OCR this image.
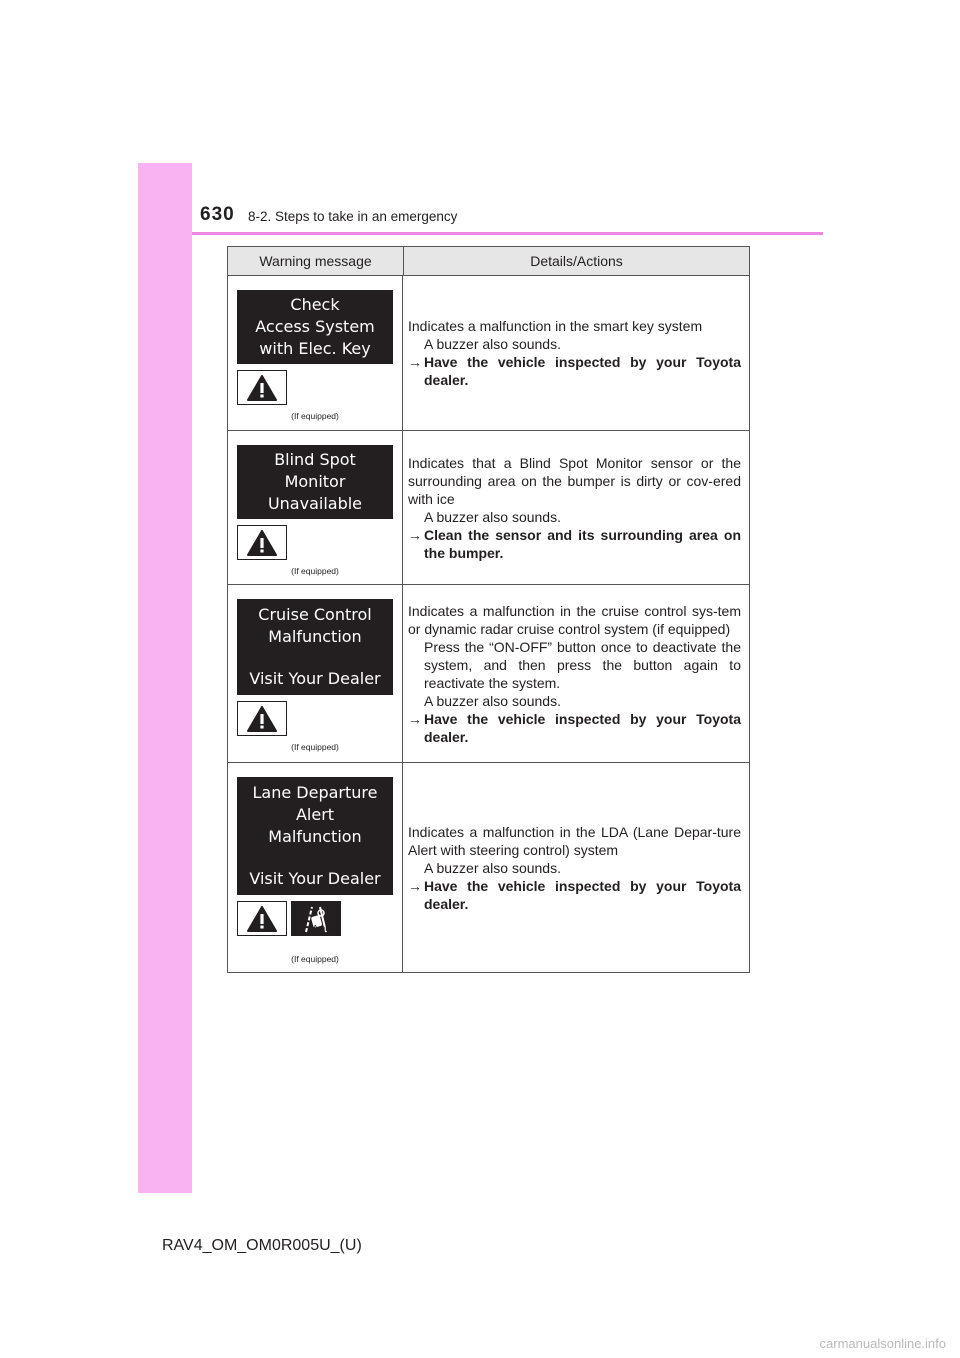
630 8-2. Steps to take in an emergency
Warning message	Details/Actions
Check
Access System
with Elec. Key
(If equipped)
Indicates a malfunction in the smart key system
A buzzer also sounds.
→ Have the vehicle inspected by your Toyota dealer.
Blind Spot
Monitor
Unavailable
(If equipped)
Indicates that a Blind Spot Monitor sensor or the surrounding area on the bumper is dirty or cov-ered with ice
A buzzer also sounds.
→ Clean the sensor and its surrounding area on the bumper.
Cruise Control
Malfunction
Visit Your Dealer
(If equipped)
Indicates a malfunction in the cruise control sys-tem or dynamic radar cruise control system (if equipped)
Press the “ON-OFF” button once to deactivate the system, and then press the button again to reactivate the system.
A buzzer also sounds.
→ Have the vehicle inspected by your Toyota dealer.
Lane Departure
Alert
Malfunction
Visit Your Dealer
(Amber)
(If equipped)
Indicates a malfunction in the LDA (Lane Depar-ture Alert with steering control) system
A buzzer also sounds.
→ Have the vehicle inspected by your Toyota dealer.
RAV4_OM_OM0R005U_(U)
carmanualsonline.info
